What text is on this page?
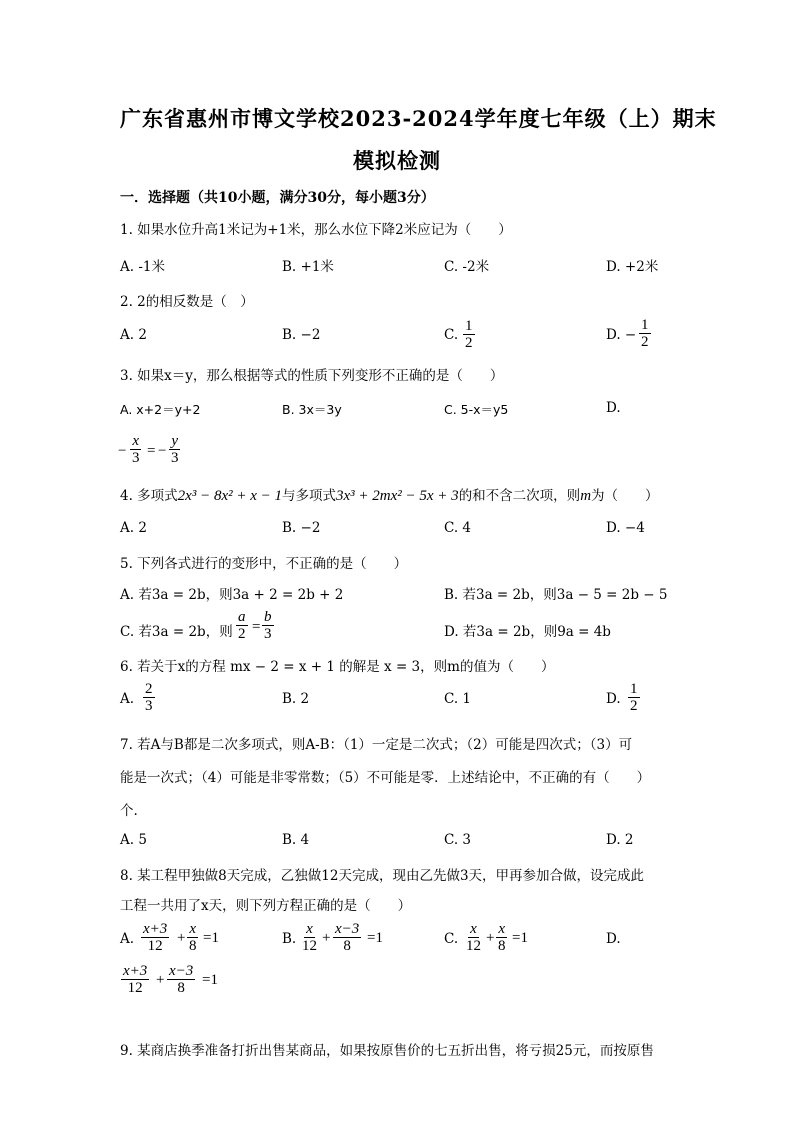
广东省惠州市博文学校2023-2024学年度七年级（上）期末
模拟检测
一．选择题（共10小题，满分30分，每小题3分）
1. 如果水位升高1米记为+1米，那么水位下降2米应记为（　　）
A. -1米	B. +1米	C. -2米	D. +2米
2. 2的相反数是（　）
A. 2	B. −2	C. $\frac{1}{2}$	D. − $\frac{1}{2}$
3. 如果x＝y，那么根据等式的性质下列变形不正确的是（　　）
A. x+2＝y+2	B. 3x＝3y	C. 5-x＝y5	D.
− $\frac{x}{3}$ = − $\frac{y}{3}$
4. 多项式2x³ − 8x² + x − 1与多项式3x³ + 2mx² − 5x + 3的和不含二次项，则m为（　　）
A. 2	B. −2	C. 4	D. −4
5. 下列各式进行的变形中，不正确的是（　　）
A. 若3a = 2b，则3a + 2 = 2b + 2	B. 若3a = 2b，则3a − 5 = 2b − 5
C. 若3a = 2b，则 $\frac{a}{2} = \frac{b}{3}$	D. 若3a = 2b，则9a = 4b
6. 若关于x的方程 mx − 2 = x + 1 的解是 x = 3，则m的值为（　　）
A. $\frac{2}{3}$	B. 2	C. 1	D. $\frac{1}{2}$
7. 若A与B都是二次多项式，则A-B：（1）一定是二次式；（2）可能是四次式；（3）可
能是一次式；（4）可能是非零常数；（5）不可能是零．上述结论中，不正确的有（　　）
个.
A. 5	B. 4	C. 3	D. 2
8. 某工程甲独做8天完成，乙独做12天完成，现由乙先做3天，甲再参加合做，设完成此
工程一共用了x天，则下列方程正确的是（　　）
A. $\frac{x+3}{12} + \frac{x}{8} =1$	B. $\frac{x}{12} + \frac{x-3}{8} =1$	C. $\frac{x}{12} + \frac{x}{8} =1$	D.
$\frac{x+3}{12} + \frac{x-3}{8} =1$
9. 某商店换季准备打折出售某商品，如果按原售价的七五折出售，将亏损25元，而按原售
